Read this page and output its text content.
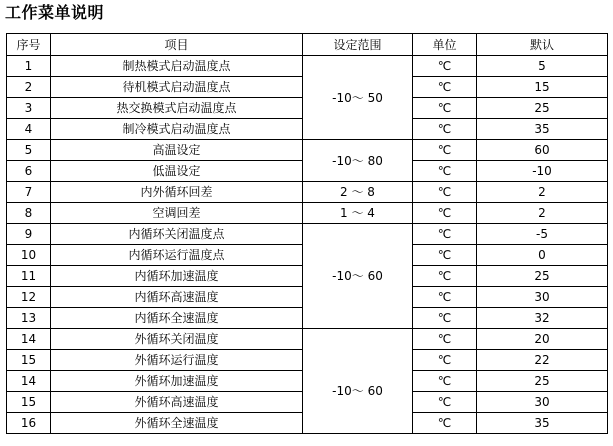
工作菜单说明
序号	项目	设定范围	单位	默认
1	制热模式启动温度点	-10～ 50	℃	5
2	待机模式启动温度点		℃	15
3	热交换模式启动温度点		℃	25
4	制冷模式启动温度点		℃	35
5	高温设定	-10～ 80	℃	60
6	低温设定		℃	-10
7	内外循环回差	2 ～ 8	℃	2
8	空调回差	1 ～ 4	℃	2
9	内循环关闭温度点	-10～ 60	℃	-5
10	内循环运行温度点		℃	0
11	内循环加速温度		℃	25
12	内循环高速温度		℃	30
13	内循环全速温度		℃	32
14	外循环关闭温度	-10～ 60	℃	20
15	外循环运行温度		℃	22
14	外循环加速温度		℃	25
15	外循环高速温度		℃	30
16	外循环全速温度		℃	35
